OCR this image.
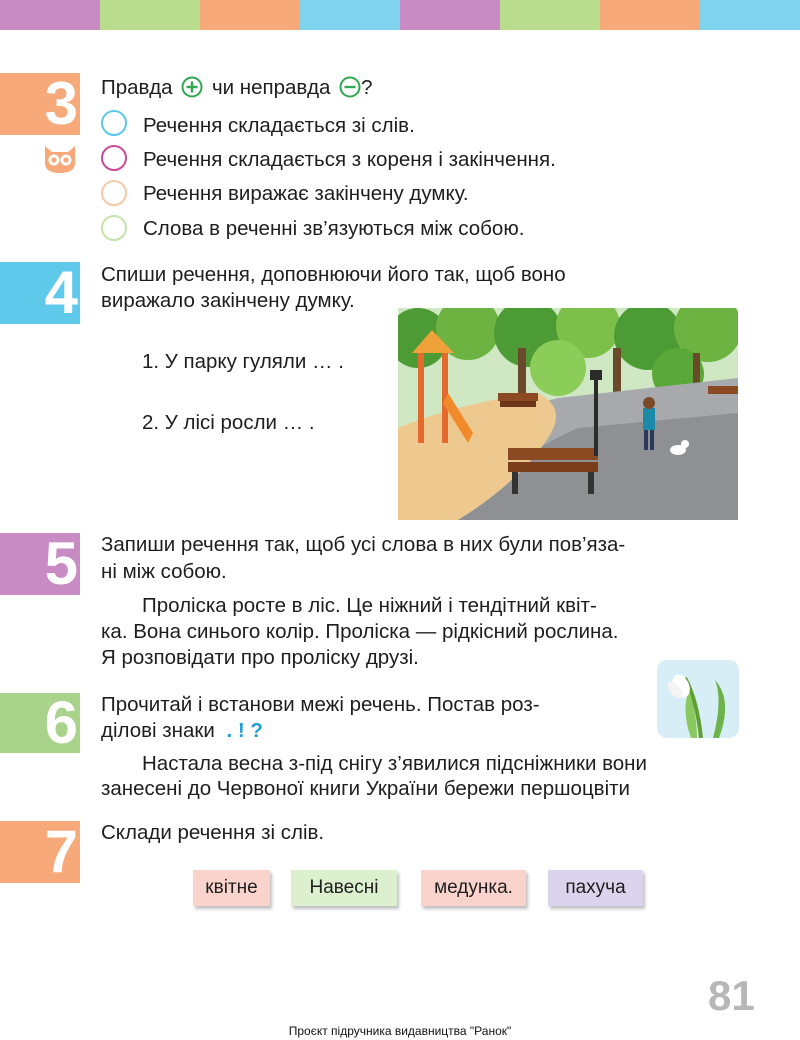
3 Правда чи неправда ?
Речення складається зі слів.
Речення складається з кореня і закінчення.
Речення виражає закінчену думку.
Слова в реченні зв’язуються між собою.
4 Спиши речення, доповнюючи його так, щоб воно
виражало закінчену думку.
1. У парку гуляли … .
2. У лісі росли … .
5 Запиши речення так, щоб усі слова в них були пов’яза-
ні між собою.
Проліска росте в ліс. Це ніжний і тендітний квіт-
ка. Вона синього колір. Проліска — рідкісний рослина.
Я розповідати про проліску друзі.
6 Прочитай і встанови межі речень. Постав роз-
ділові знаки . ! ?
Настала весна з-під снігу з’явилися підсніжники вони
занесені до Червоної книги України бережи першоцвіти
7 Склади речення зі слів.
квітне	Навесні	медунка.	пахуча
81
Проєкт підручника видавництва "Ранок"
